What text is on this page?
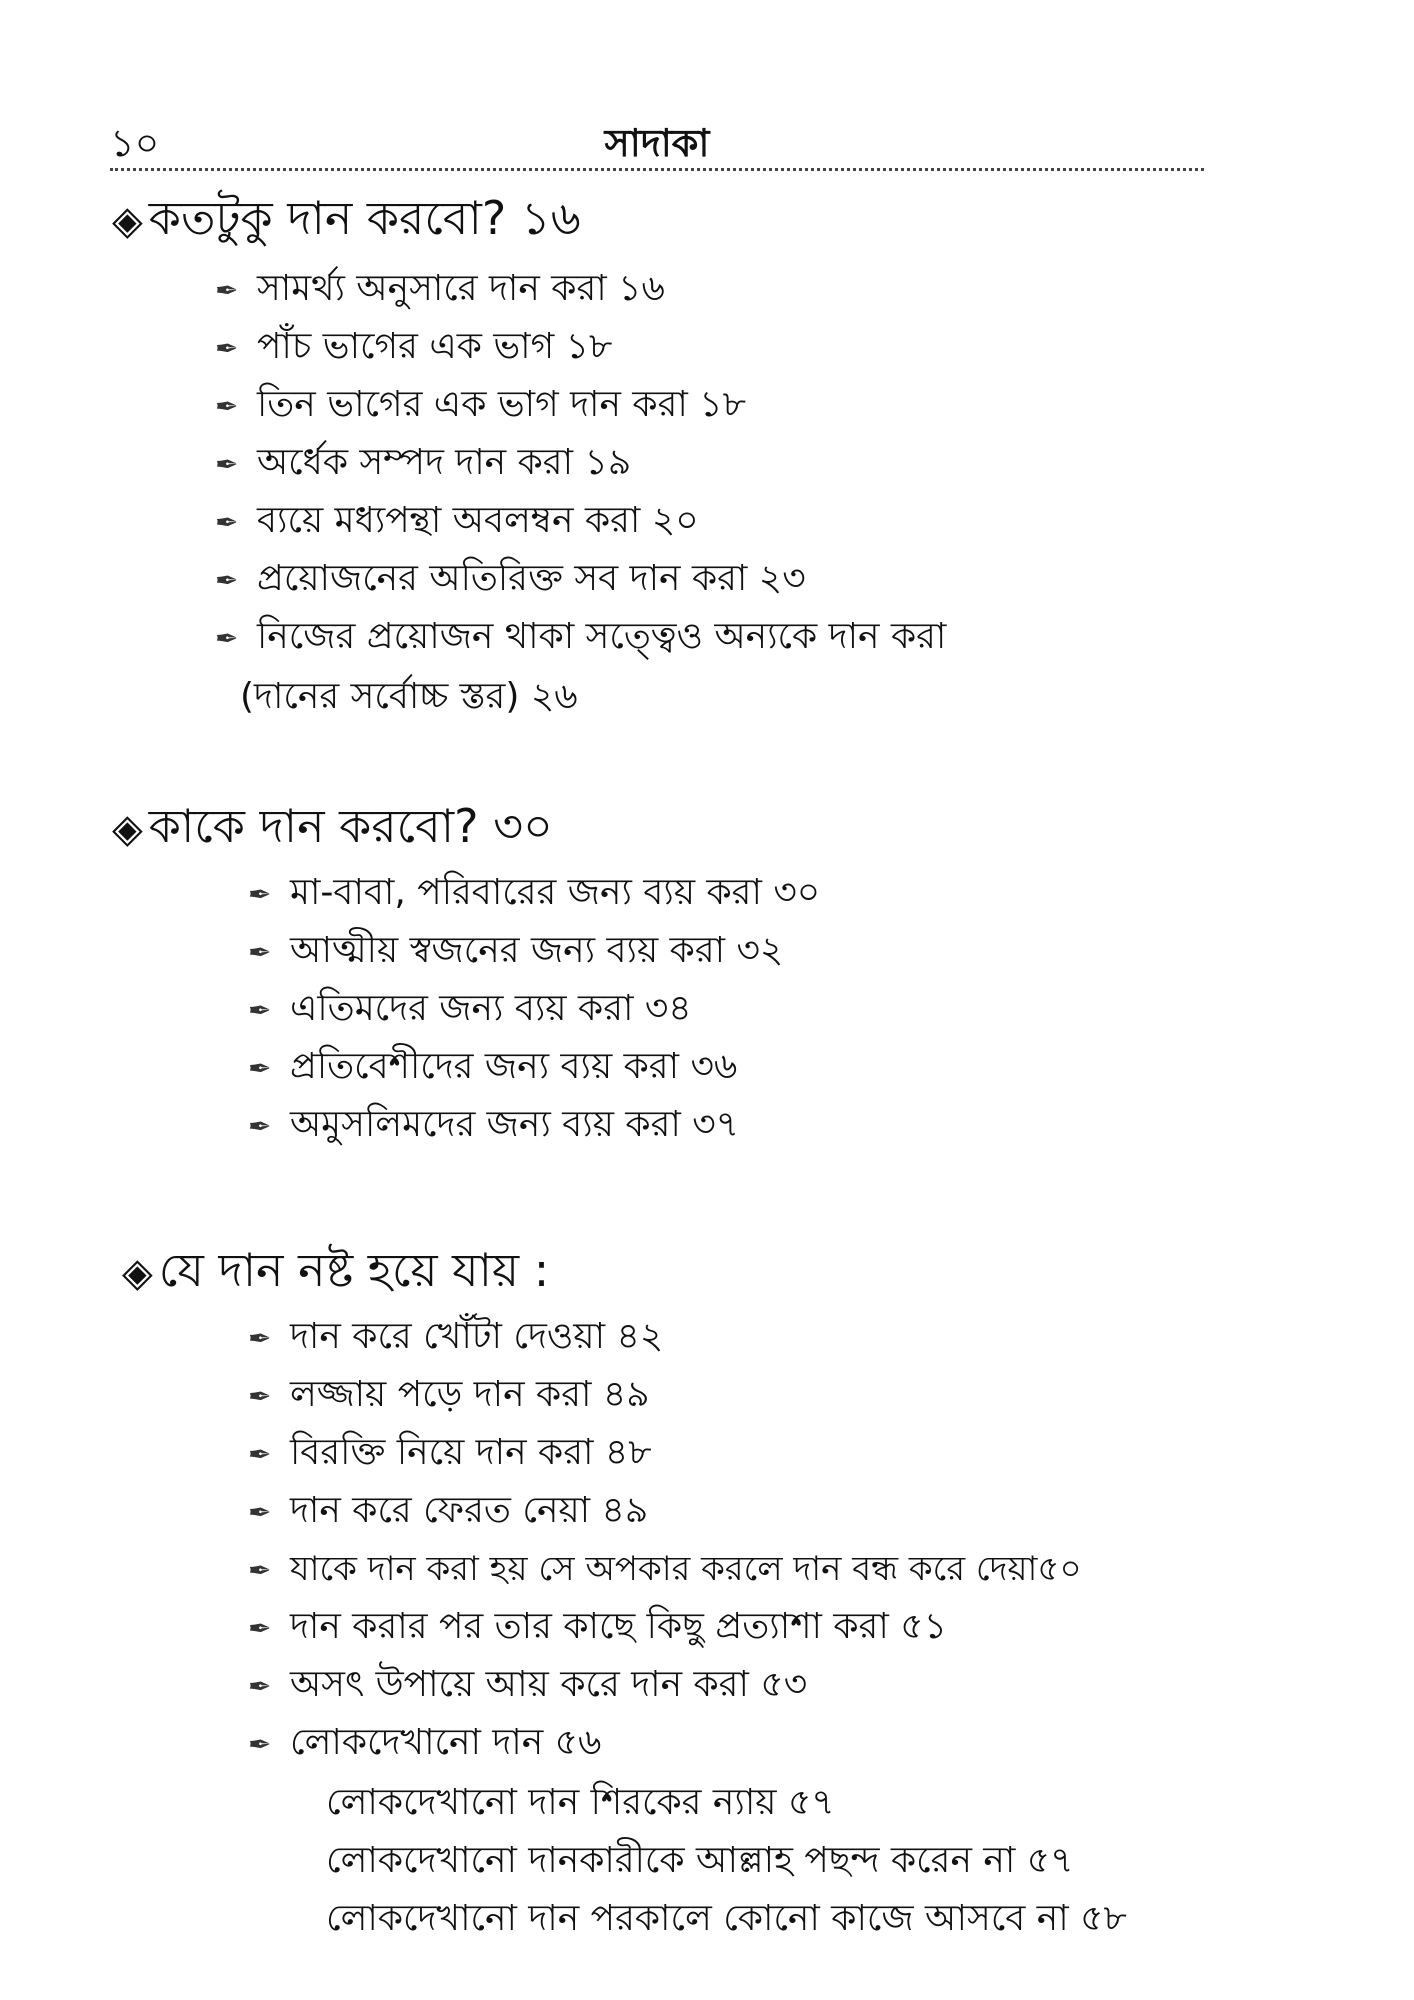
১০	সাদাকা
◈ কতটুকু দান করবো? ১৬
✒ সামর্থ্য অনুসারে দান করা ১৬
✒ পাঁচ ভাগের এক ভাগ ১৮
✒ তিন ভাগের এক ভাগ দান করা ১৮
✒ অর্ধেক সম্পদ দান করা ১৯
✒ ব্যয়ে মধ্যপন্থা অবলম্বন করা ২০
✒ প্রয়োজনের অতিরিক্ত সব দান করা ২৩
✒ নিজের প্রয়োজন থাকা সত্ত্বেও অন্যকে দান করা
(দানের সর্বোচ্চ স্তর) ২৬
◈ কাকে দান করবো? ৩০
✒ মা-বাবা, পরিবারের জন্য ব্যয় করা ৩০
✒ আত্মীয় স্বজনের জন্য ব্যয় করা ৩২
✒ এতিমদের জন্য ব্যয় করা ৩৪
✒ প্রতিবেশীদের জন্য ব্যয় করা ৩৬
✒ অমুসলিমদের জন্য ব্যয় করা ৩৭
◈ যে দান নষ্ট হয়ে যায় :
✒ দান করে খোঁটা দেওয়া ৪২
✒ লজ্জায় পড়ে দান করা ৪৯
✒ বিরক্তি নিয়ে দান করা ৪৮
✒ দান করে ফেরত নেয়া ৪৯
✒ যাকে দান করা হয় সে অপকার করলে দান বন্ধ করে দেয়া৫০
✒ দান করার পর তার কাছে কিছু প্রত্যাশা করা ৫১
✒ অসৎ উপায়ে আয় করে দান করা ৫৩
✒ লোকদেখানো দান ৫৬
লোকদেখানো দান শিরকের ন্যায় ৫৭
লোকদেখানো দানকারীকে আল্লাহ পছন্দ করেন না ৫৭
লোকদেখানো দান পরকালে কোনো কাজে আসবে না ৫৮
